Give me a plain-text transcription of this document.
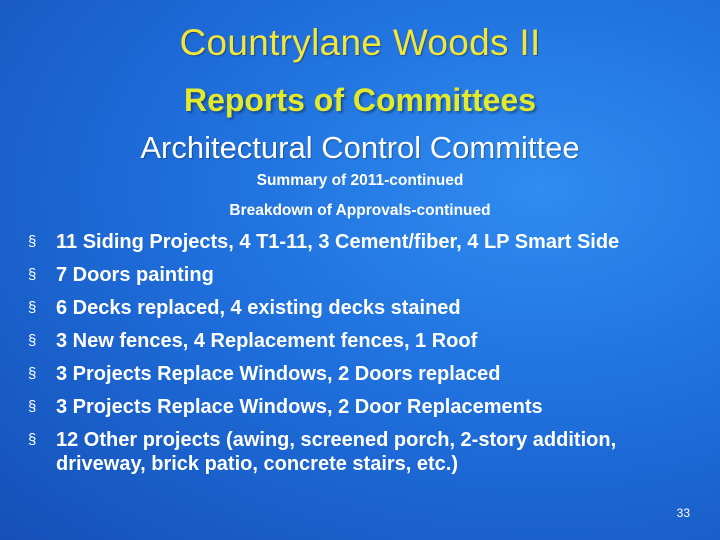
Countrylane Woods II
Reports of Committees
Architectural Control Committee
Summary of 2011-continued
Breakdown of Approvals-continued
§ 11 Siding Projects, 4 T1-11, 3 Cement/fiber, 4 LP Smart Side
§ 7 Doors painting
§ 6 Decks replaced, 4 existing decks stained
§ 3 New fences, 4 Replacement fences, 1 Roof
§ 3 Projects Replace Windows, 2 Doors replaced
§ 3 Projects Replace Windows, 2 Door Replacements
§ 12 Other projects (awing, screened porch, 2-story addition, driveway, brick patio, concrete stairs, etc.)
33
